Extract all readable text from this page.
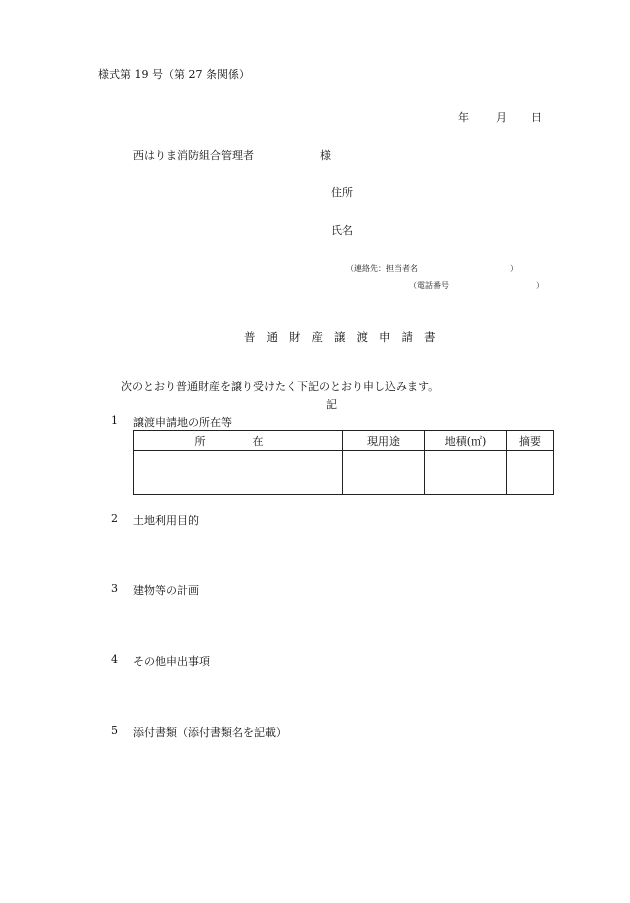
様式第 19 号（第 27 条関係）
年 月 日
西はりま消防組合管理者	様
住所
氏名
（連絡先：担当者名	）
（電話番号	）
普通財産譲渡申請書
次のとおり普通財産を譲り受けたく下記のとおり申し込みます。
記
1 譲渡申請地の所在等
所　在	現用途	地積(㎡)	摘要

2 土地利用目的
3 建物等の計画
4 その他申出事項
5 添付書類（添付書類名を記載）
